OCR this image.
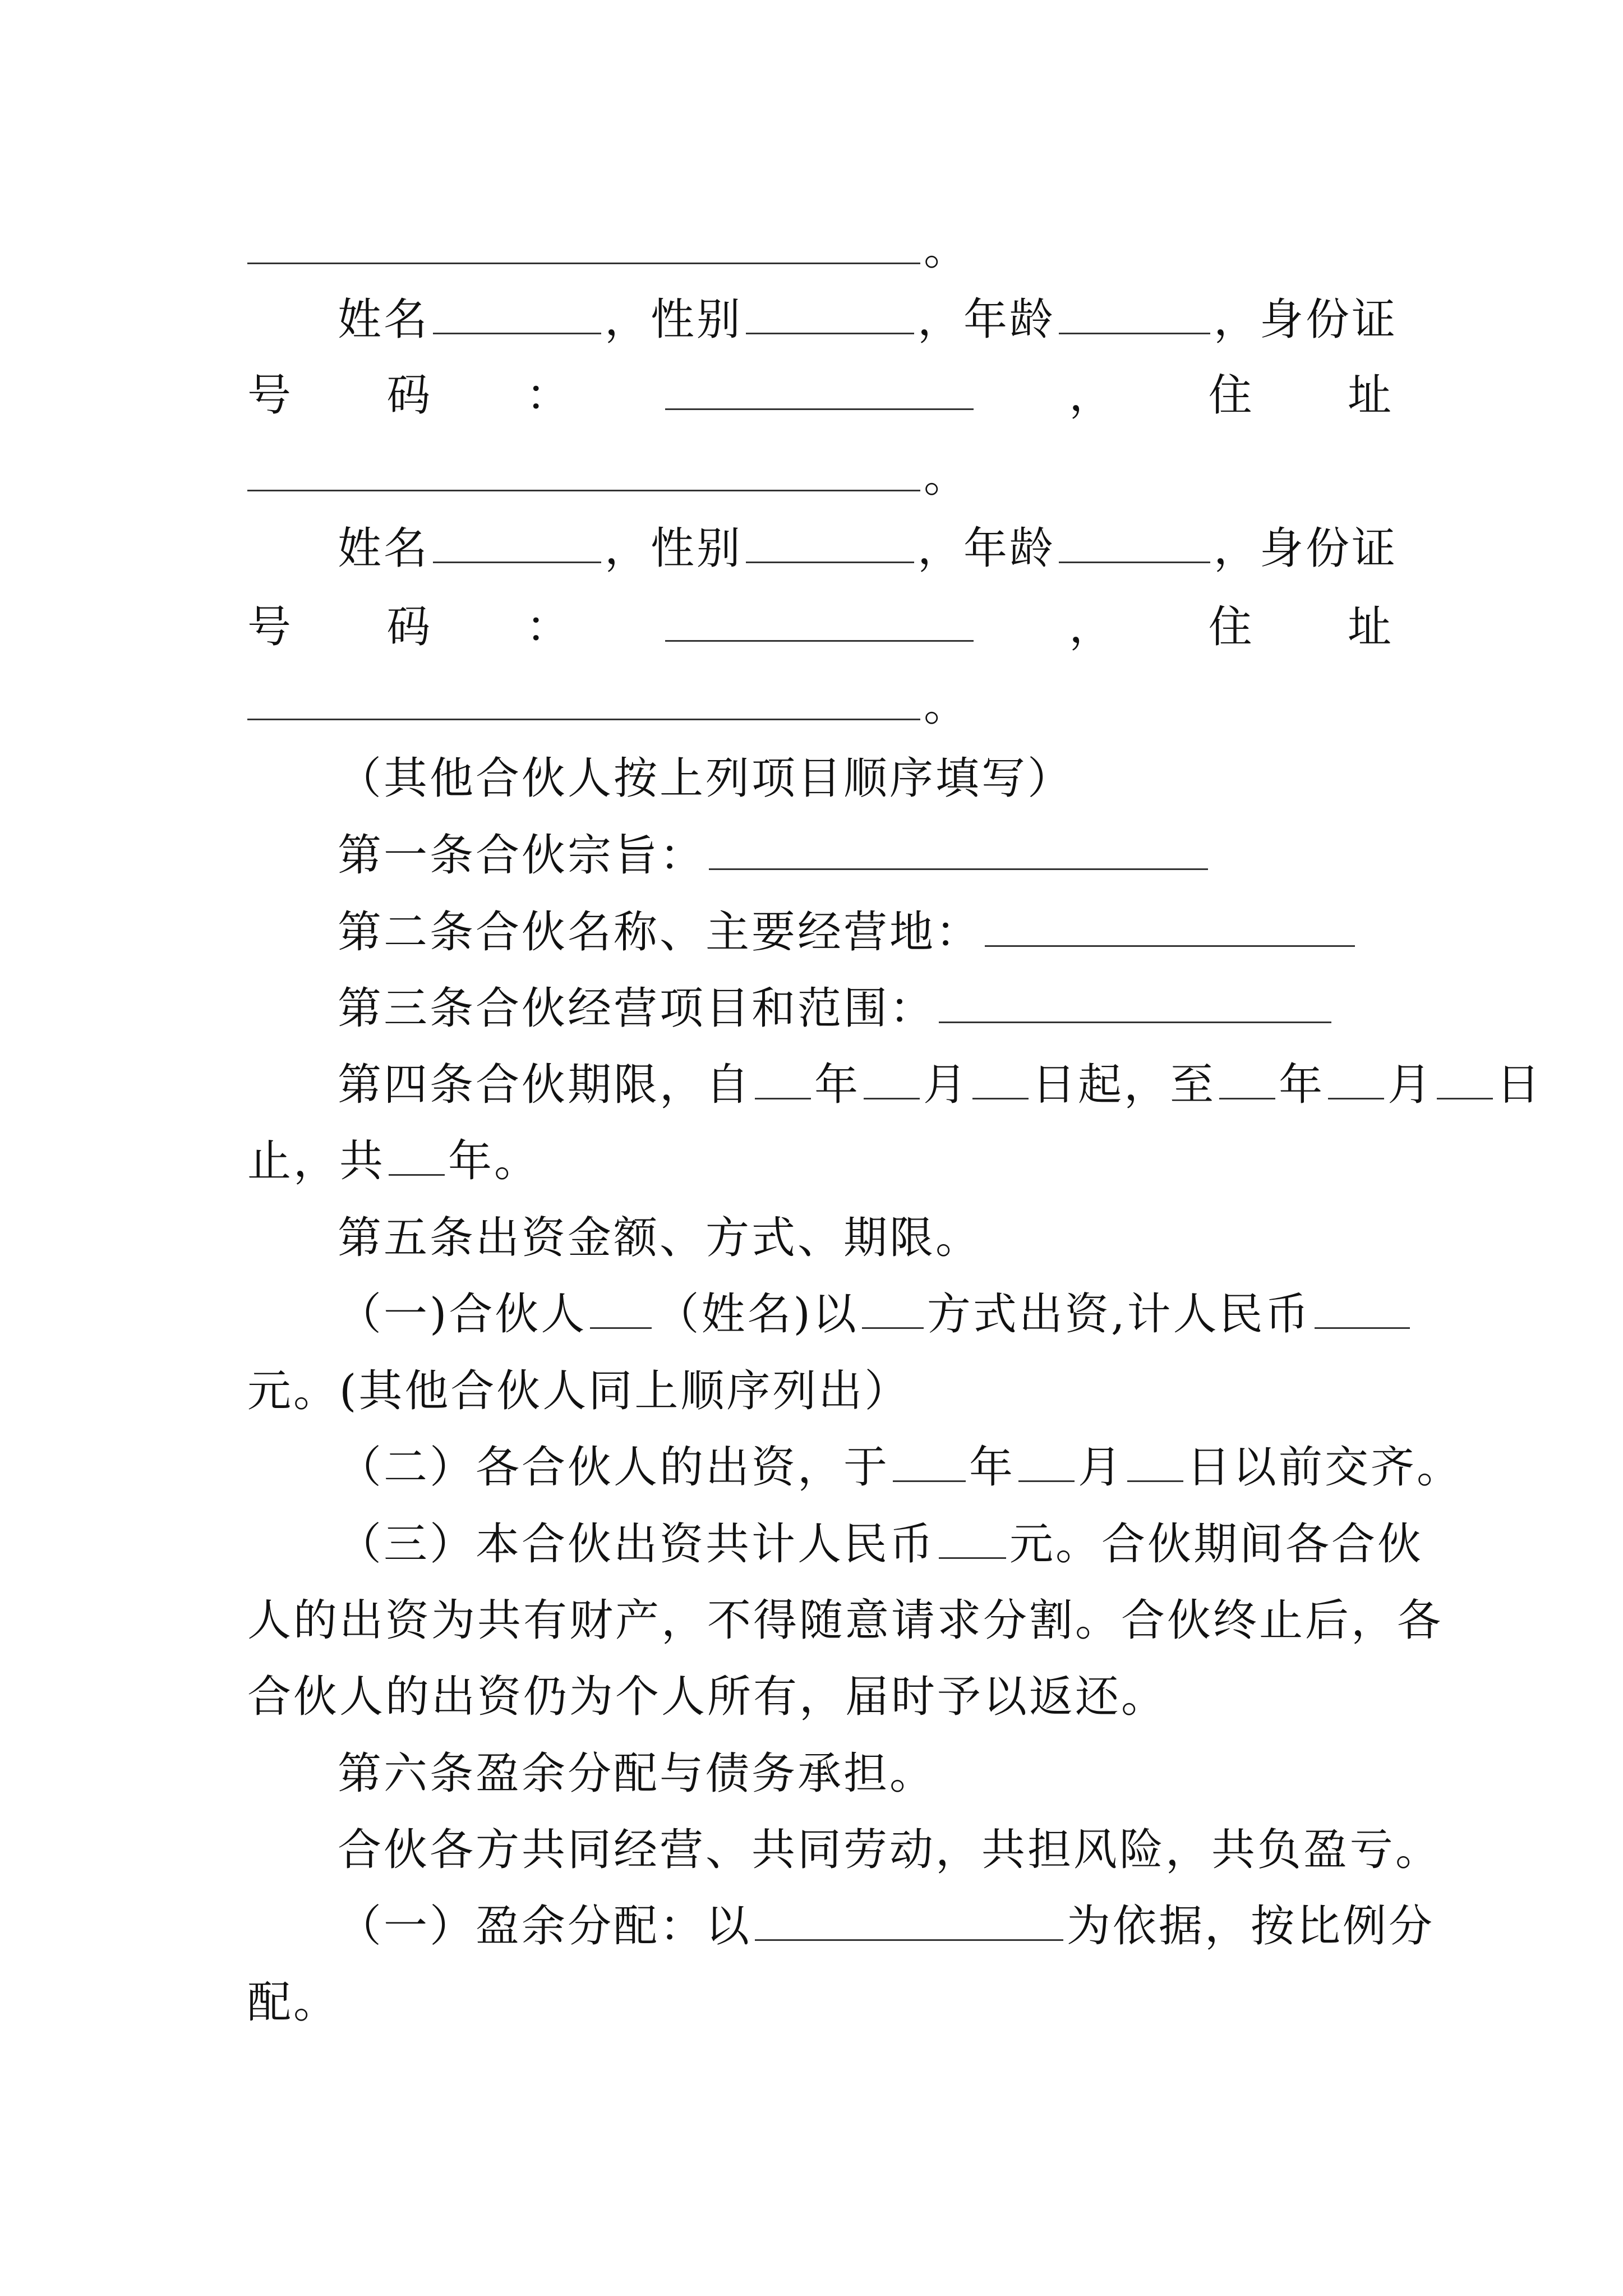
。
姓名	，性别	，年龄	，身份证
号 码 ：	， 住 址
。
姓名	，性别	，年龄	，身份证
号 码 ：	， 住 址
。
（其他合伙人按上列项目顺序填写）
第一条合伙宗旨：
第二条合伙名称、主要经营地：
第三条合伙经营项目和范围：
第四条合伙期限，自 年 月 日起，至 年 月 日
止，共 年。
第五条出资金额、方式、期限。
（一)合伙人 （姓名)以 方式出资,计人民币
元。(其他合伙人同上顺序列出）
（二）各合伙人的出资，于 年 月 日以前交齐。
（三）本合伙出资共计人民币 元。合伙期间各合伙
人的出资为共有财产，不得随意请求分割。合伙终止后，各
合伙人的出资仍为个人所有，届时予以返还。
第六条盈余分配与债务承担。
合伙各方共同经营、共同劳动，共担风险，共负盈亏。
（一）盈余分配：以	为依据，按比例分
配。
